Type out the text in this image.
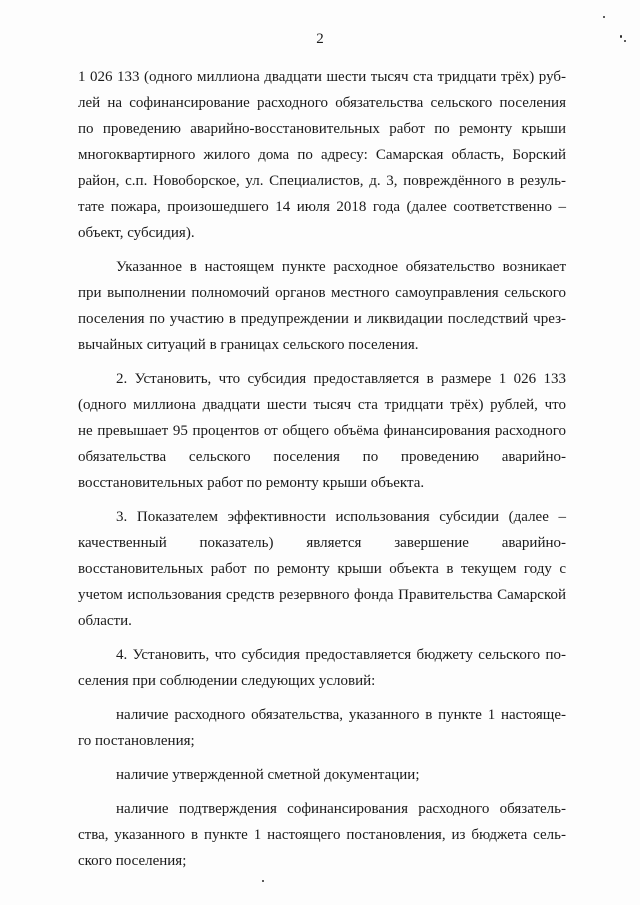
2
1 026 133 (одного миллиона двадцати шести тысяч ста тридцати трёх) руб-
лей на софинансирование расходного обязательства сельского поселения
по проведению аварийно-восстановительных работ по ремонту крыши
многоквартирного жилого дома по адресу: Самарская область, Борский
район, с.п. Новоборское, ул. Специалистов, д. 3, повреждённого в резуль-
тате пожара, произошедшего 14 июля 2018 года (далее соответственно –
объект, субсидия).
Указанное в настоящем пункте расходное обязательство возникает
при выполнении полномочий органов местного самоуправления сельского
поселения по участию в предупреждении и ликвидации последствий чрез-
вычайных ситуаций в границах сельского поселения.
2. Установить, что субсидия предоставляется в размере 1 026 133
(одного миллиона двадцати шести тысяч ста тридцати трёх) рублей, что
не превышает 95 процентов от общего объёма финансирования расходного
обязательства сельского поселения по проведению аварийно-
восстановительных работ по ремонту крыши объекта.
3. Показателем эффективности использования субсидии (далее –
качественный показатель) является завершение аварийно-
восстановительных работ по ремонту крыши объекта в текущем году с
учетом использования средств резервного фонда Правительства Самарской
области.
4. Установить, что субсидия предоставляется бюджету сельского по-
селения при соблюдении следующих условий:
наличие расходного обязательства, указанного в пункте 1 настояще-
го постановления;
наличие утвержденной сметной документации;
наличие подтверждения софинансирования расходного обязатель-
ства, указанного в пункте 1 настоящего постановления, из бюджета сель-
ского поселения;
